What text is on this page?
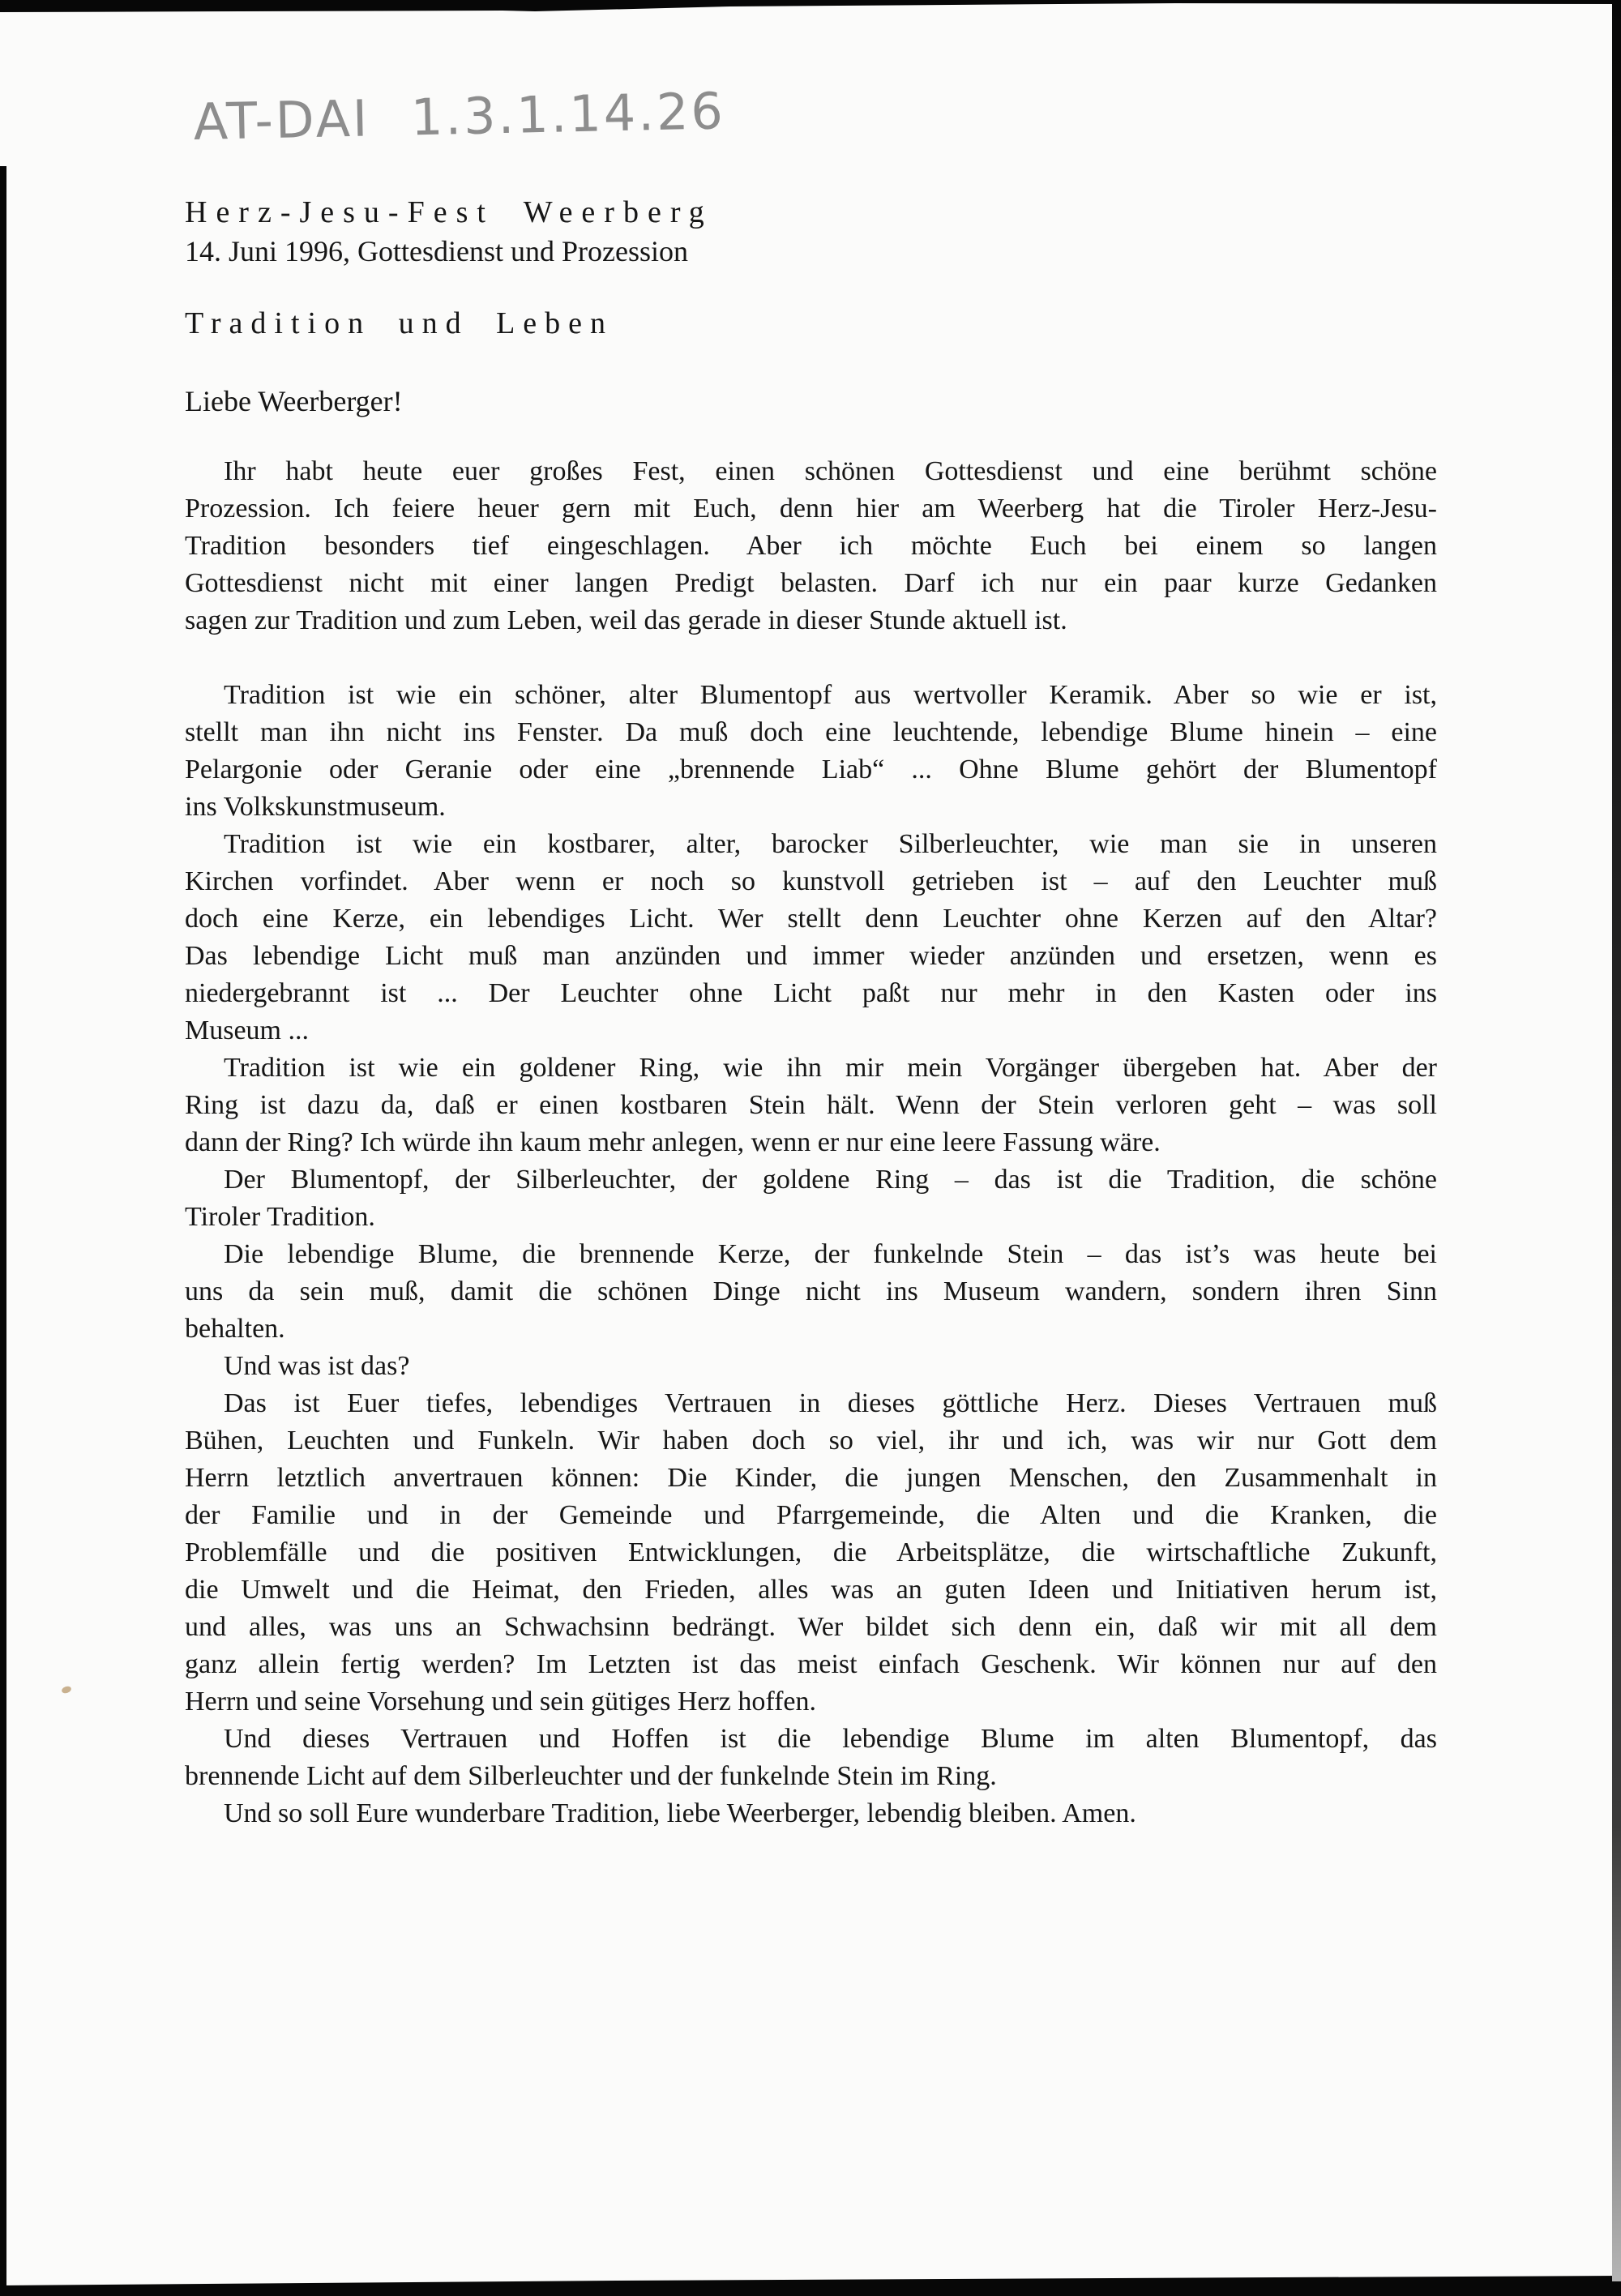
AT-DAI 1.3.1.14.26
Herz-Jesu-Fest Weerberg
14. Juni 1996, Gottesdienst und Prozession
Tradition und Leben
Liebe Weerberger!
Ihr habt heute euer großes Fest, einen schönen Gottesdienst und eine berühmt schöne
Prozession. Ich feiere heuer gern mit Euch, denn hier am Weerberg hat die Tiroler Herz-Jesu-
Tradition besonders tief eingeschlagen. Aber ich möchte Euch bei einem so langen
Gottesdienst nicht mit einer langen Predigt belasten. Darf ich nur ein paar kurze Gedanken
sagen zur Tradition und zum Leben, weil das gerade in dieser Stunde aktuell ist.
Tradition ist wie ein schöner, alter Blumentopf aus wertvoller Keramik. Aber so wie er ist,
stellt man ihn nicht ins Fenster. Da muß doch eine leuchtende, lebendige Blume hinein – eine
Pelargonie oder Geranie oder eine „brennende Liab“ ... Ohne Blume gehört der Blumentopf
ins Volkskunstmuseum.
Tradition ist wie ein kostbarer, alter, barocker Silberleuchter, wie man sie in unseren
Kirchen vorfindet. Aber wenn er noch so kunstvoll getrieben ist – auf den Leuchter muß
doch eine Kerze, ein lebendiges Licht. Wer stellt denn Leuchter ohne Kerzen auf den Altar?
Das lebendige Licht muß man anzünden und immer wieder anzünden und ersetzen, wenn es
niedergebrannt ist ... Der Leuchter ohne Licht paßt nur mehr in den Kasten oder ins
Museum ...
Tradition ist wie ein goldener Ring, wie ihn mir mein Vorgänger übergeben hat. Aber der
Ring ist dazu da, daß er einen kostbaren Stein hält. Wenn der Stein verloren geht – was soll
dann der Ring? Ich würde ihn kaum mehr anlegen, wenn er nur eine leere Fassung wäre.
Der Blumentopf, der Silberleuchter, der goldene Ring – das ist die Tradition, die schöne
Tiroler Tradition.
Die lebendige Blume, die brennende Kerze, der funkelnde Stein – das ist’s was heute bei
uns da sein muß, damit die schönen Dinge nicht ins Museum wandern, sondern ihren Sinn
behalten.
Und was ist das?
Das ist Euer tiefes, lebendiges Vertrauen in dieses göttliche Herz. Dieses Vertrauen muß
Bühen, Leuchten und Funkeln. Wir haben doch so viel, ihr und ich, was wir nur Gott dem
Herrn letztlich anvertrauen können: Die Kinder, die jungen Menschen, den Zusammenhalt in
der Familie und in der Gemeinde und Pfarrgemeinde, die Alten und die Kranken, die
Problemfälle und die positiven Entwicklungen, die Arbeitsplätze, die wirtschaftliche Zukunft,
die Umwelt und die Heimat, den Frieden, alles was an guten Ideen und Initiativen herum ist,
und alles, was uns an Schwachsinn bedrängt. Wer bildet sich denn ein, daß wir mit all dem
ganz allein fertig werden? Im Letzten ist das meist einfach Geschenk. Wir können nur auf den
Herrn und seine Vorsehung und sein gütiges Herz hoffen.
Und dieses Vertrauen und Hoffen ist die lebendige Blume im alten Blumentopf, das
brennende Licht auf dem Silberleuchter und der funkelnde Stein im Ring.
Und so soll Eure wunderbare Tradition, liebe Weerberger, lebendig bleiben. Amen.
